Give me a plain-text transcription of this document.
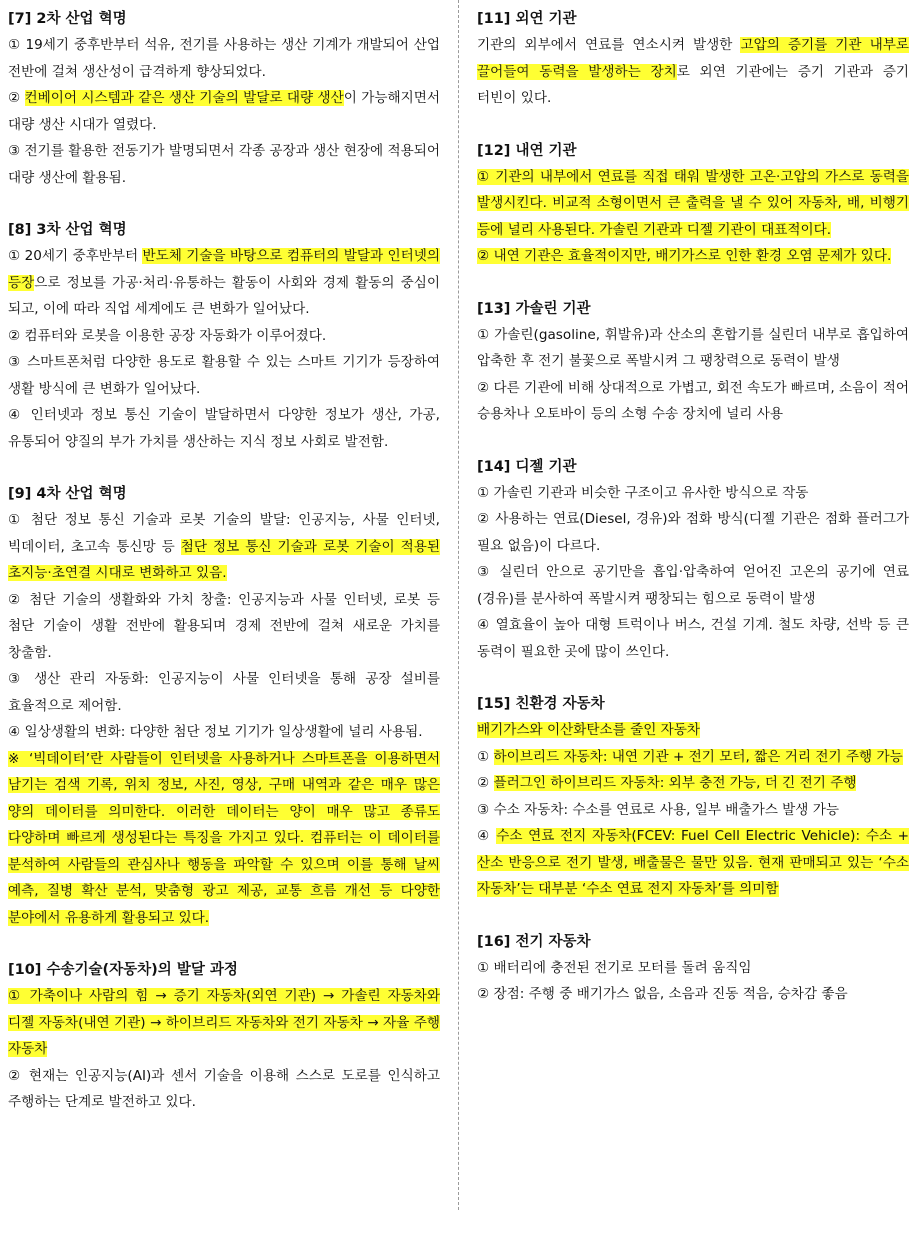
[7] 2차 산업 혁명

① 19세기 중후반부터 석유, 전기를 사용하는 생산 기계가 개발되어 산업 전반에 걸쳐 생산성이 급격하게 향상되었다.

② 컨베이어 시스템과 같은 생산 기술의 발달로 대량 생산이 가능해지면서 대량 생산 시대가 열렸다.

③ 전기를 활용한 전동기가 발명되면서 각종 공장과 생산 현장에 적용되어 대량 생산에 활용됨.

[8] 3차 산업 혁명

① 20세기 중후반부터 반도체 기술을 바탕으로 컴퓨터의 발달과 인터넷의 등장으로 정보를 가공·처리·유통하는 활동이 사회와 경제 활동의 중심이 되고, 이에 따라 직업 세계에도 큰 변화가 일어났다.

② 컴퓨터와 로봇을 이용한 공장 자동화가 이루어졌다.

③ 스마트폰처럼 다양한 용도로 활용할 수 있는 스마트 기기가 등장하여 생활 방식에 큰 변화가 일어났다.

④ 인터넷과 정보 통신 기술이 발달하면서 다양한 정보가 생산, 가공, 유통되어 양질의 부가 가치를 생산하는 지식 정보 사회로 발전함.

[9] 4차 산업 혁명

① 첨단 정보 통신 기술과 로봇 기술의 발달: 인공지능, 사물 인터넷, 빅데이터, 초고속 통신망 등 첨단 정보 통신 기술과 로봇 기술이 적용된 초지능·초연결 시대로 변화하고 있음.

② 첨단 기술의 생활화와 가치 창출: 인공지능과 사물 인터넷, 로봇 등 첨단 기술이 생활 전반에 활용되며 경제 전반에 걸쳐 새로운 가치를 창출함.

③ 생산 관리 자동화: 인공지능이 사물 인터넷을 통해 공장 설비를 효율적으로 제어함.

④ 일상생활의 변화: 다양한 첨단 정보 기기가 일상생활에 널리 사용됨.

※ ‘빅데이터’란 사람들이 인터넷을 사용하거나 스마트폰을 이용하면서 남기는 검색 기록, 위치 정보, 사진, 영상, 구매 내역과 같은 매우 많은 양의 데이터를 의미한다. 이러한 데이터는 양이 매우 많고 종류도 다양하며 빠르게 생성된다는 특징을 가지고 있다. 컴퓨터는 이 데이터를 분석하여 사람들의 관심사나 행동을 파악할 수 있으며 이를 통해 날씨 예측, 질병 확산 분석, 맞춤형 광고 제공, 교통 흐름 개선 등 다양한 분야에서 유용하게 활용되고 있다.

[10] 수송기술(자동차)의 발달 과정

① 가축이나 사람의 힘 → 증기 자동차(외연 기관) → 가솔린 자동차와 디젤 자동차(내연 기관) → 하이브리드 자동차와 전기 자동차 → 자율 주행 자동차

② 현재는 인공지능(AI)과 센서 기술을 이용해 스스로 도로를 인식하고 주행하는 단계로 발전하고 있다.

[11] 외연 기관

기관의 외부에서 연료를 연소시켜 발생한 고압의 증기를 기관 내부로 끌어들여 동력을 발생하는 장치로 외연 기관에는 증기 기관과 증기 터빈이 있다.

[12] 내연 기관

① 기관의 내부에서 연료를 직접 태워 발생한 고온·고압의 가스로 동력을 발생시킨다. 비교적 소형이면서 큰 출력을 낼 수 있어 자동차, 배, 비행기 등에 널리 사용된다. 가솔린 기관과 디젤 기관이 대표적이다.

② 내연 기관은 효율적이지만, 배기가스로 인한 환경 오염 문제가 있다.

[13] 가솔린 기관

① 가솔린(gasoline, 휘발유)과 산소의 혼합기를 실린더 내부로 흡입하여 압축한 후 전기 불꽃으로 폭발시켜 그 팽창력으로 동력이 발생

② 다른 기관에 비해 상대적으로 가볍고, 회전 속도가 빠르며, 소음이 적어 승용차나 오토바이 등의 소형 수송 장치에 널리 사용

[14] 디젤 기관

① 가솔린 기관과 비슷한 구조이고 유사한 방식으로 작동

② 사용하는 연료(Diesel, 경유)와 점화 방식(디젤 기관은 점화 플러그가 필요 없음)이 다르다.

③ 실린더 안으로 공기만을 흡입·압축하여 얻어진 고온의 공기에 연료(경유)를 분사하여 폭발시켜 팽창되는 힘으로 동력이 발생

④ 열효율이 높아 대형 트럭이나 버스, 건설 기계. 철도 차량, 선박 등 큰 동력이 필요한 곳에 많이 쓰인다.

[15] 친환경 자동차

배기가스와 이산화탄소를 줄인 자동차

① 하이브리드 자동차: 내연 기관 + 전기 모터, 짧은 거리 전기 주행 가능

② 플러그인 하이브리드 자동차: 외부 충전 가능, 더 긴 전기 주행

③ 수소 자동차: 수소를 연료로 사용, 일부 배출가스 발생 가능

④ 수소 연료 전지 자동차(FCEV: Fuel Cell Electric Vehicle): 수소 + 산소 반응으로 전기 발생, 배출물은 물만 있음. 현재 판매되고 있는 ‘수소 자동차’는 대부분 ‘수소 연료 전지 자동차’를 의미함

[16] 전기 자동차

① 배터리에 충전된 전기로 모터를 돌려 움직임

② 장점: 주행 중 배기가스 없음, 소음과 진동 적음, 승차감 좋음
